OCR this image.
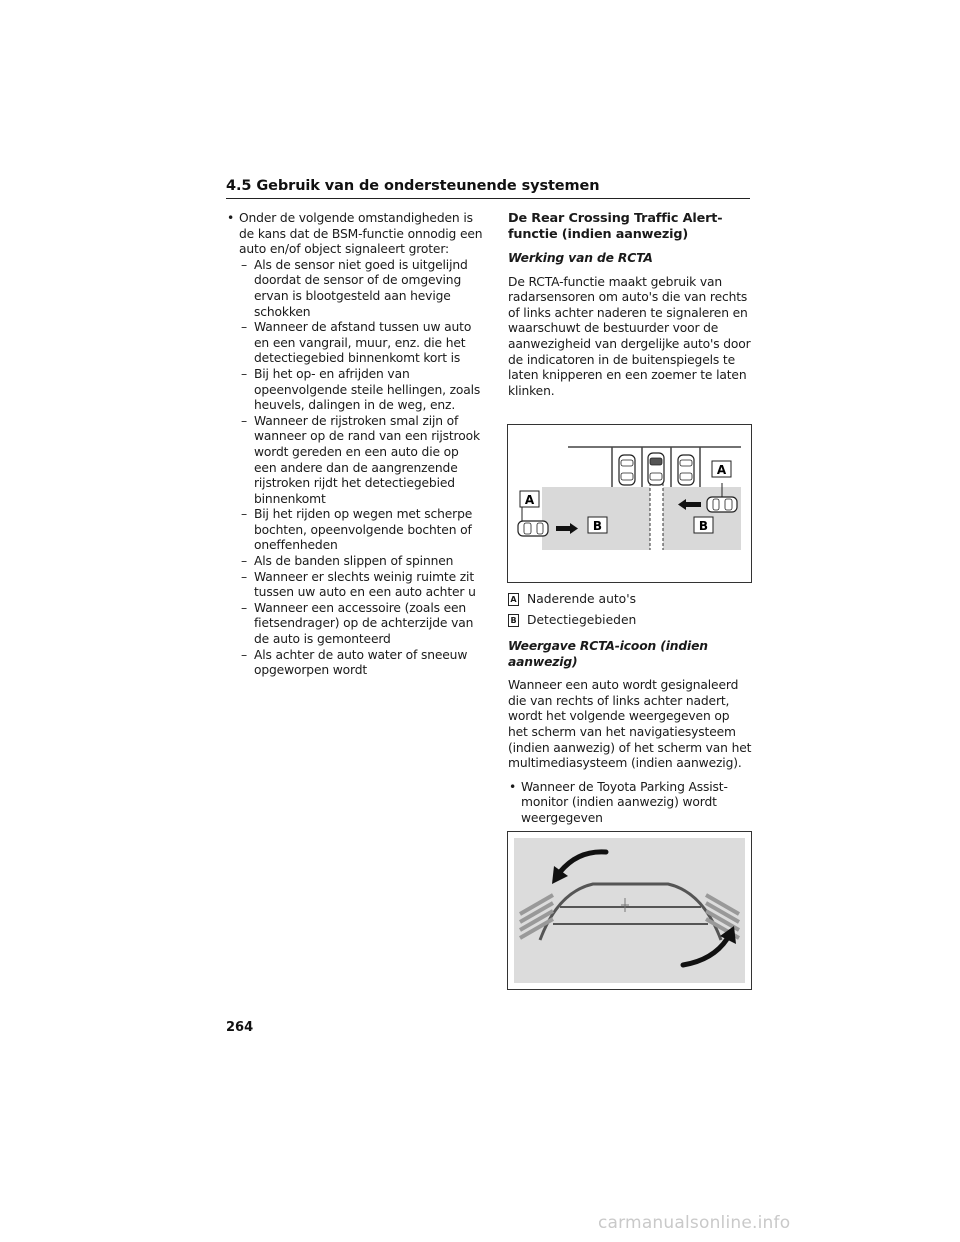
4.5 Gebruik van de ondersteunende systemen
• Onder de volgende omstandigheden is de kans dat de BSM-functie onnodig een auto en/of object signaleert groter:
– Als de sensor niet goed is uitgelijnd doordat de sensor of de omgeving ervan is blootgesteld aan hevige schokken
– Wanneer de afstand tussen uw auto en een vangrail, muur, enz. die het detectiegebied binnenkomt kort is
– Bij het op- en afrijden van opeenvolgende steile hellingen, zoals heuvels, dalingen in de weg, enz.
– Wanneer de rijstroken smal zijn of wanneer op de rand van een rijstrook wordt gereden en een auto die op een andere dan de aangrenzende rijstroken rijdt het detectiegebied binnenkomt
– Bij het rijden op wegen met scherpe bochten, opeenvolgende bochten of oneffenheden
– Als de banden slippen of spinnen
– Wanneer er slechts weinig ruimte zit tussen uw auto en een auto achter u
– Wanneer een accessoire (zoals een fietsendrager) op de achterzijde van de auto is gemonteerd
– Als achter de auto water of sneeuw opgeworpen wordt
De Rear Crossing Traffic Alert-functie (indien aanwezig)
Werking van de RCTA
De RCTA-functie maakt gebruik van radarsensoren om auto's die van rechts of links achter naderen te signaleren en waarschuwt de bestuurder voor de aanwezigheid van dergelijke auto's door de indicatoren in de buitenspiegels te laten knipperen en een zoemer te laten klinken.
A
A
B	B
A Naderende auto's
B Detectiegebieden
Weergave RCTA-icoon (indien aanwezig)
Wanneer een auto wordt gesignaleerd die van rechts of links achter nadert, wordt het volgende weergegeven op het scherm van het navigatiesysteem (indien aanwezig) of het scherm van het multimediasysteem (indien aanwezig).
• Wanneer de Toyota Parking Assist-monitor (indien aanwezig) wordt weergegeven
264
carmanualsonline.info
